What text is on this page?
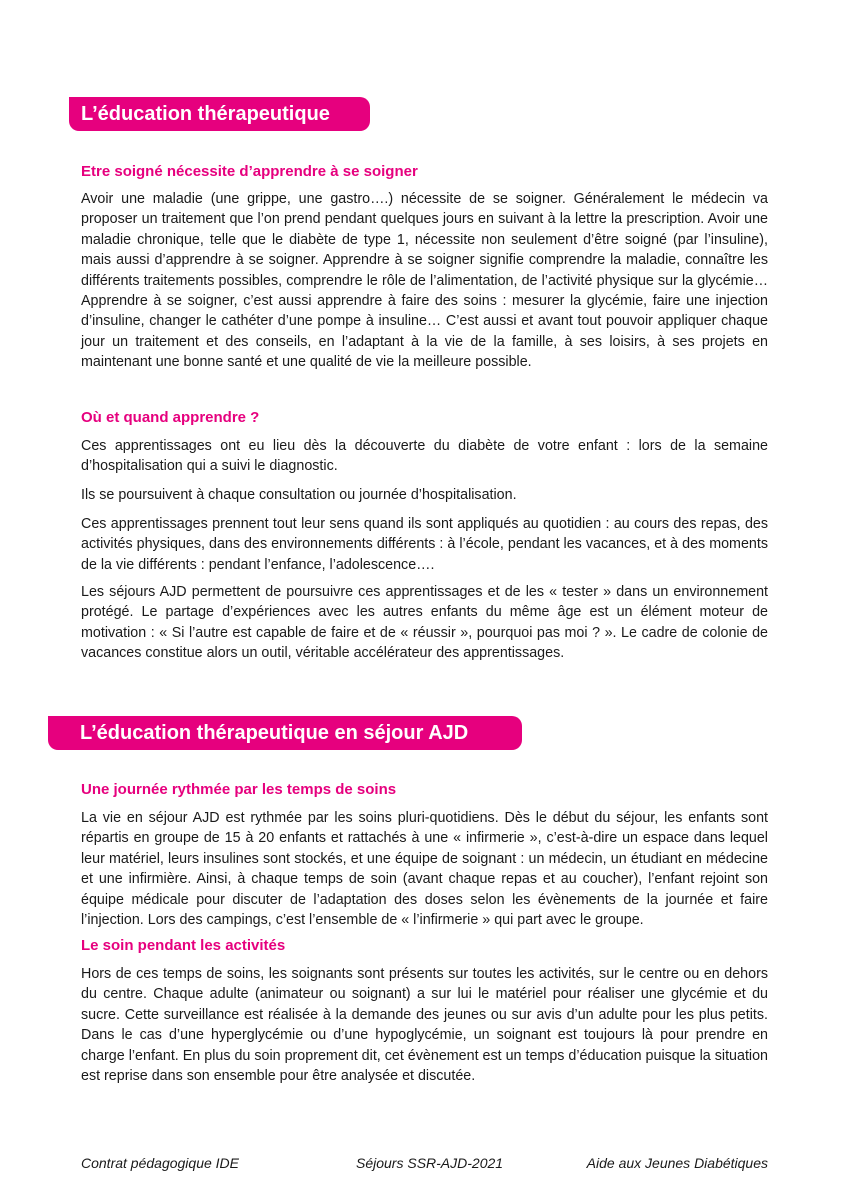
L’éducation thérapeutique
Etre soigné nécessite d’apprendre à se soigner

Avoir une maladie (une grippe, une gastro….) nécessite de se soigner. Généralement le médecin va proposer un traitement que l’on prend pendant quelques jours en suivant à la lettre la prescription. Avoir une maladie chronique, telle que le diabète de type 1, nécessite non seulement d’être soigné (par l’insuline), mais aussi d’apprendre à se soigner. Apprendre à se soigner signifie comprendre la maladie, connaître les différents traitements possibles, comprendre le rôle de l’alimentation, de l’activité physique sur la glycémie… Apprendre à se soigner, c’est aussi apprendre à faire des soins : mesurer la glycémie, faire une injection d’insuline, changer le cathéter d’une pompe à insuline… C’est aussi et avant tout pouvoir appliquer chaque jour un traitement et des conseils, en l’adaptant à la vie de la famille, à ses loisirs, à ses projets en maintenant une bonne santé et une qualité de vie la meilleure possible.

Où et quand apprendre ?

Ces apprentissages ont eu lieu dès la découverte du diabète de votre enfant : lors de la semaine d’hospitalisation qui a suivi le diagnostic.

Ils se poursuivent à chaque consultation ou journée d’hospitalisation.

Ces apprentissages prennent tout leur sens quand ils sont appliqués au quotidien : au cours des repas, des activités physiques, dans des environnements différents : à l’école, pendant les vacances, et à des moments de la vie différents : pendant l’enfance, l’adolescence….

Les séjours AJD permettent de poursuivre ces apprentissages et de les « tester » dans un environnement protégé. Le partage d’expériences avec les autres enfants du même âge est un élément moteur de motivation : « Si l’autre est capable de faire et de « réussir », pourquoi pas moi ? ». Le cadre de colonie de vacances constitue alors un outil, véritable accélérateur des apprentissages.

L’éducation thérapeutique en séjour AJD
Une journée rythmée par les temps de soins

La vie en séjour AJD est rythmée par les soins pluri-quotidiens. Dès le début du séjour, les enfants sont répartis en groupe de 15 à 20 enfants et rattachés à une « infirmerie », c’est-à-dire un espace dans lequel leur matériel, leurs insulines sont stockés, et une équipe de soignant : un médecin, un étudiant en médecine et une infirmière. Ainsi, à chaque temps de soin (avant chaque repas et au coucher), l’enfant rejoint son équipe médicale pour discuter de l’adaptation des doses selon les évènements de la journée et faire l’injection. Lors des campings, c’est l’ensemble de « l’infirmerie » qui part avec le groupe.

Le soin pendant les activités

Hors de ces temps de soins, les soignants sont présents sur toutes les activités, sur le centre ou en dehors du centre. Chaque adulte (animateur ou soignant) a sur lui le matériel pour réaliser une glycémie et du sucre. Cette surveillance est réalisée à la demande des jeunes ou sur avis d’un adulte pour les plus petits. Dans le cas d’une hyperglycémie ou d’une hypoglycémie, un soignant est toujours là pour prendre en charge l’enfant. En plus du soin proprement dit, cet évènement est un temps d’éducation puisque la situation est reprise dans son ensemble pour être analysée et discutée.

Contrat pédagogique IDE	Séjours SSR-AJD-2021	Aide aux Jeunes Diabétiques
